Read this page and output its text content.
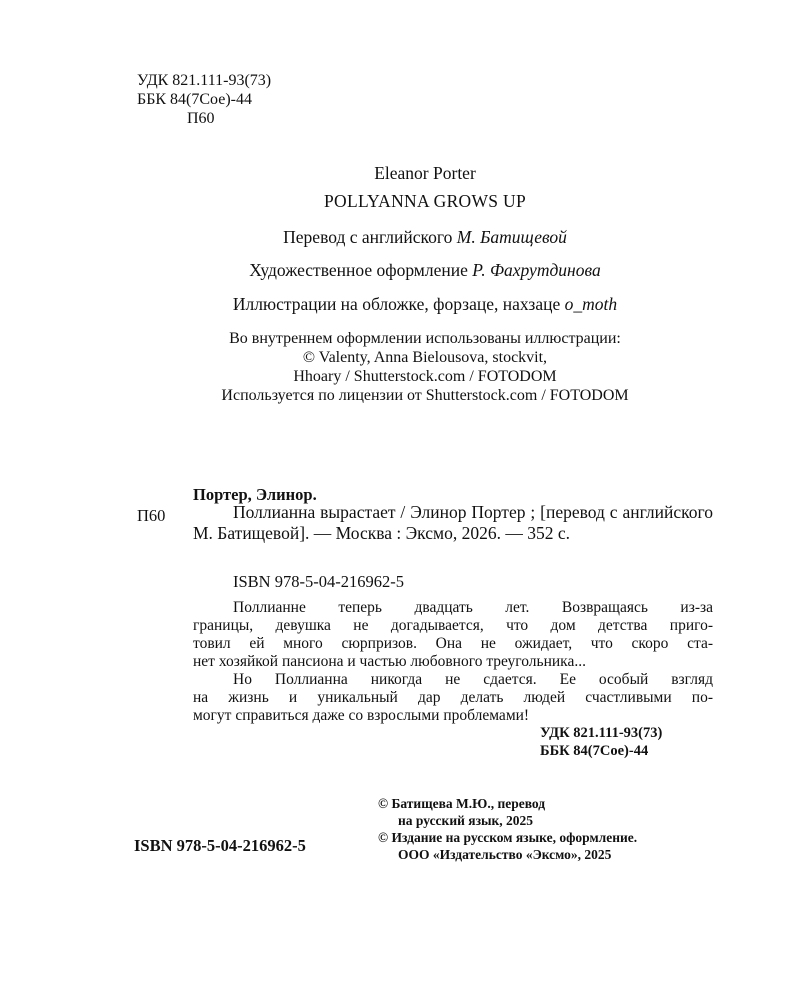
УДК 821.111-93(73)
ББК 84(7Сое)-44
П60
Eleanor Porter
POLLYANNA GROWS UP
Перевод с английского М. Батищевой
Художественное оформление Р. Фахрутдинова
Иллюстрации на обложке, форзаце, нахзаце o_moth
Во внутреннем оформлении использованы иллюстрации:
© Valenty, Anna Bielousova, stockvit,
Hhoary / Shutterstock.com / FOTODOM
Используется по лицензии от Shutterstock.com / FOTODOM
Портер, Элинор.
П60	Поллианна вырастает / Элинор Портер ; [перевод с английского М. Батищевой]. — Москва : Эксмо, 2026. — 352 с.
ISBN 978-5-04-216962-5

Поллианне теперь двадцать лет. Возвращаясь из-за
границы, девушка не догадывается, что дом детства приго-
товил ей много сюрпризов. Она не ожидает, что скоро ста-
нет хозяйкой пансиона и частью любовного треугольника...

Но Поллианна никогда не сдается. Ее особый взгляд
на жизнь и уникальный дар делать людей счастливыми по-
могут справиться даже со взрослыми проблемами!

УДК 821.111-93(73)
ББК 84(7Сое)-44
© Батищева М.Ю., перевод
на русский язык, 2025
© Издание на русском языке, оформление.
ООО «Издательство «Эксмо», 2025
ISBN 978-5-04-216962-5
